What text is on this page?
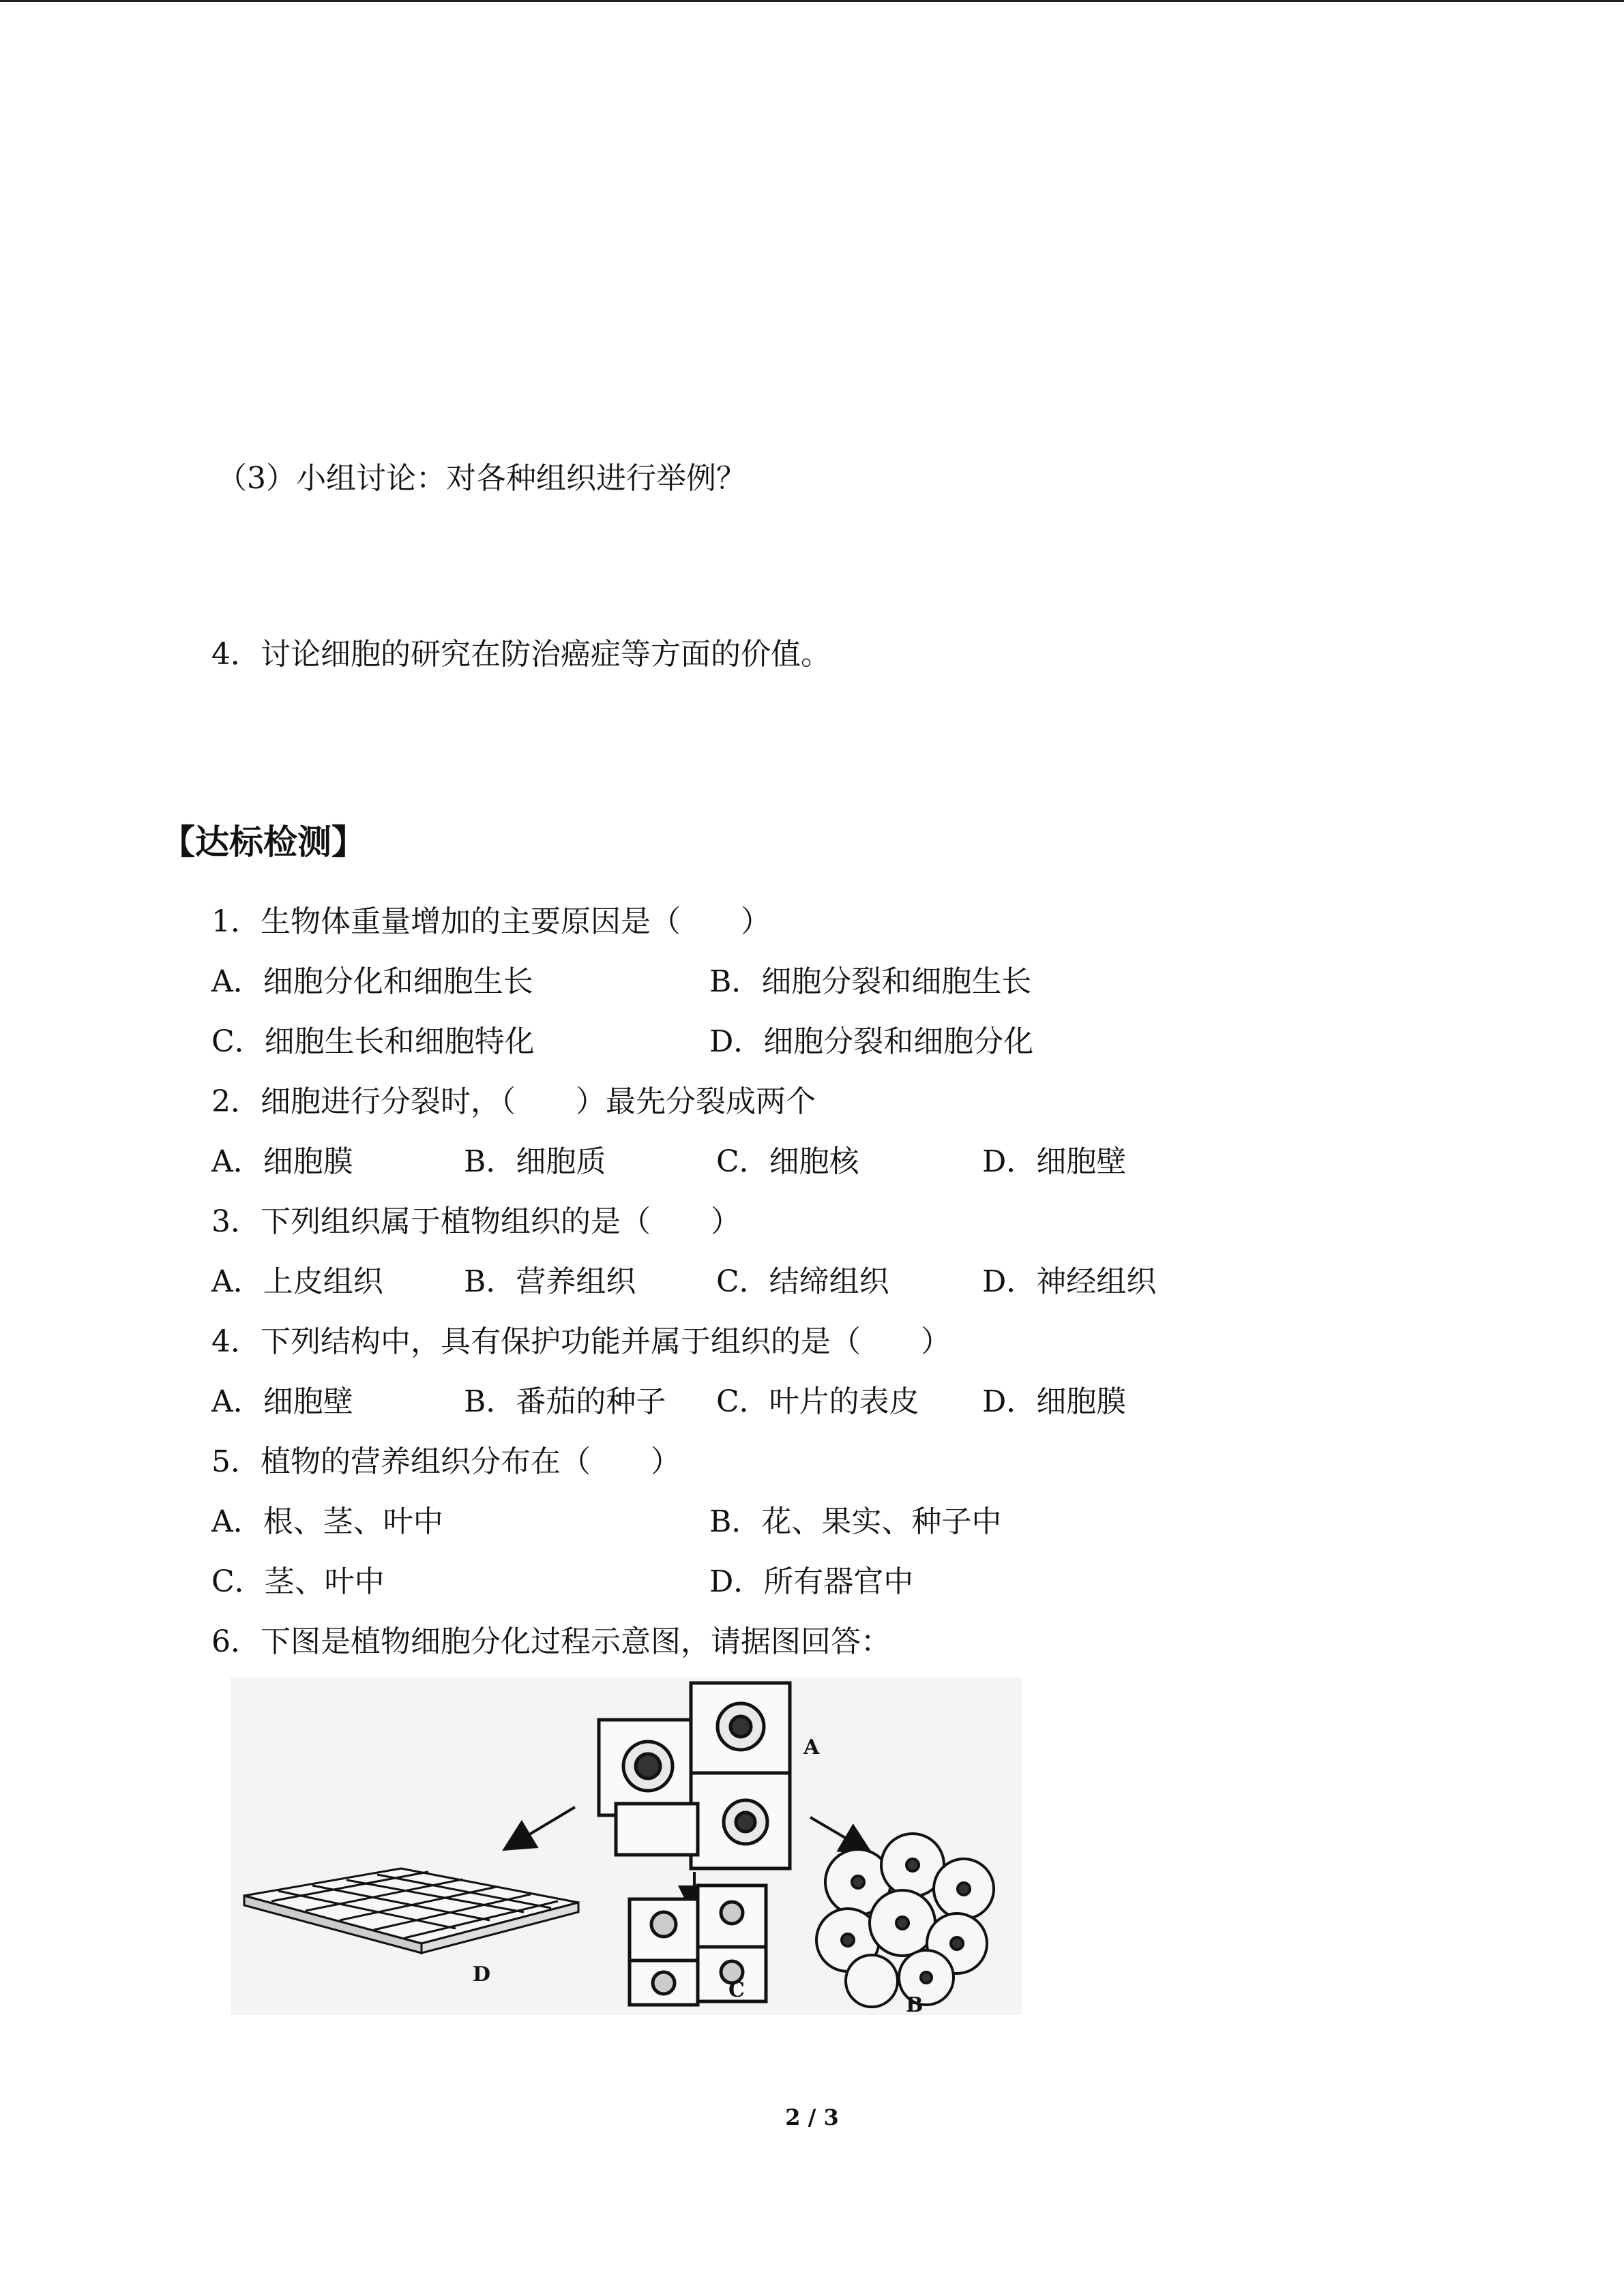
（3）小组讨论：对各种组织进行举例？
4．讨论细胞的研究在防治癌症等方面的价值。
【达标检测】
1．生物体重量增加的主要原因是（　　）
A．细胞分化和细胞生长	B．细胞分裂和细胞生长
C．细胞生长和细胞特化	D．细胞分裂和细胞分化
2．细胞进行分裂时，（　　）最先分裂成两个
A．细胞膜	B．细胞质	C．细胞核	D．细胞壁
3．下列组织属于植物组织的是（　　）
A．上皮组织	B．营养组织	C．结缔组织	D．神经组织
4．下列结构中，具有保护功能并属于组织的是（　　）
A．细胞壁	B．番茄的种子 C．叶片的表皮 D．细胞膜
5．植物的营养组织分布在（　　）
A．根、茎、叶中	B．花、果实、种子中
C．茎、叶中	D．所有器官中
6．下图是植物细胞分化过程示意图，请据图回答：
A
D
C
B
2 / 3
